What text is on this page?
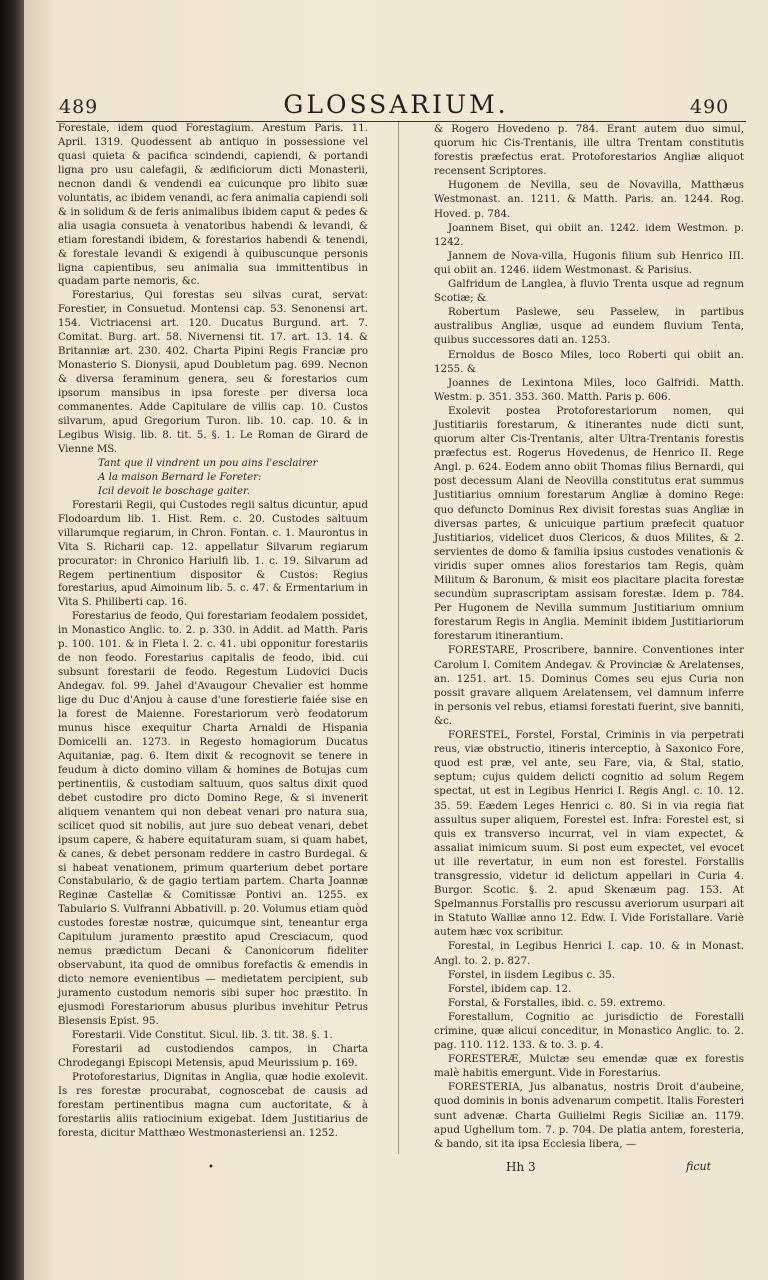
489	GLOSSARIUM.	490

Forestale, idem quod Forestagium. Arestum Paris. 11. April. 1319. Quodessent ab antiquo in possessione vel quasi quieta & pacifica scindendi, capiendi, & portandi ligna pro usu calefagii, & ædificiorum dicti Monasterii, necnon dandi & vendendi ea cuicunque pro libito suæ voluntatis, ac ibidem venandi, ac fera animalia capiendi soli & in solidum & de feris animalibus ibidem caput & pedes & alia usagia consueta à venatoribus habendi & levandi, & etiam forestandi ibidem, & forestarios habendi & tenendi, & forestale levandi & exigendi à quibuscunque personis ligna capientibus, seu animalia sua immittentibus in quadam parte nemoris, &c.

Forestarius, Qui forestas seu silvas curat, servat: Forestier, in Consuetud. Montensi cap. 53. Senonensi art. 154. Victriacensi art. 120. Ducatus Burgund. art. 7. Comitat. Burg. art. 58. Nivernensi tit. 17. art. 13. 14. & Britanniæ art. 230. 402. Charta Pipini Regis Franciæ pro Monasterio S. Dionysii, apud Doubletum pag. 699. Necnon & diversa feraminum genera, seu & forestarios cum ipsorum mansibus in ipsa foreste per diversa loca commanentes. Adde Capitulare de villis cap. 10. Custos silvarum, apud Gregorium Turon. lib. 10. cap. 10. & in Legibus Wisig. lib. 8. tit. 5. §. 1. Le Roman de Girard de Vienne MS.

Tant que il vindrent un pou ains l'esclairer

A la maison Bernard le Foreter:

Icil devoit le boschage gaiter.

Forestarii Regii, qui Custodes regii saltus dicuntur, apud Flodoardum lib. 1. Hist. Rem. c. 20. Custodes saltuum villarumque regiarum, in Chron. Fontan. c. 1. Maurontus in Vita S. Richarii cap. 12. appellatur Silvarum regiarum procurator: in Chronico Hariulfi lib. 1. c. 19. Silvarum ad Regem pertinentium dispositor & Custos: Regius forestarius, apud Aimoinum lib. 5. c. 47. & Ermentarium in Vita S. Philiberti cap. 16.

Forestarius de feodo, Qui forestariam feodalem possidet, in Monastico Anglic. to. 2. p. 330. in Addit. ad Matth. Paris p. 100. 101. & in Fleta l. 2. c. 41. ubi opponitur forestariis de non feodo. Forestarius capitalis de feodo, ibid. cui subsunt forestarii de feodo. Regestum Ludovici Ducis Andegav. fol. 99. Jahel d'Avaugour Chevalier est homme lige du Duc d'Anjou à cause d'une forestierie faiée sise en la forest de Maienne. Forestariorum verò feodatorum munus hisce exequitur Charta Arnaldi de Hispania Domicelli an. 1273. in Regesto homagiorum Ducatus Aquitaniæ, pag. 6. Item dixit & recognovit se tenere in feudum à dicto domino villam & homines de Botujas cum pertinentiis, & custodiam saltuum, quos saltus dixit quod debet custodire pro dicto Domino Rege, & si invenerit aliquem venantem qui non debeat venari pro natura sua, scilicet quod sit nobilis, aut jure suo debeat venari, debet ipsum capere, & habere equitaturam suam, si quam habet, & canes, & debet personam reddere in castro Burdegal. & si habeat venationem, primum quarterium debet portare Constabulario, & de gagio tertiam partem. Charta Joannæ Reginæ Castellæ & Comitissæ Pontivi an. 1255. ex Tabulario S. Vulfranni Abbativill. p. 20. Volumus etiam quòd custodes forestæ nostræ, quicumque sint, teneantur erga Capitulum juramento præstito apud Cresciacum, quod nemus prædictum Decani & Canonicorum fideliter observabunt, ita quod de omnibus forefactis & emendis in dicto nemore evenientibus — medietatem percipient, sub juramento custodum nemoris sibi super hoc præstito. In ejusmodi Forestariorum abusus pluribus invehitur Petrus Blesensis Epist. 95.

Forestarii. Vide Constitut. Sicul. lib. 3. tit. 38. §. 1.

Forestarii ad custodiendos campos, in Charta Chrodegangi Episcopi Metensis, apud Meurissium p. 169.

Protoforestarius, Dignitas in Anglia, quæ hodie exolevit. Is res forestæ procurabat, cognoscebat de causis ad forestam pertinentibus magna cum auctoritate, & à forestariis aliis ratiocinium exigebat. Idem Justitiarius de foresta, dicitur Matthæo Westmonasteriensi an. 1252.

& Rogero Hovedeno p. 784. Erant autem duo simul, quorum hic Cis-Trentanis, ille ultra Trentam constitutis forestis præfectus erat. Protoforestarios Angliæ aliquot recensent Scriptores.

Hugonem de Nevilla, seu de Novavilla, Matthæus Westmonast. an. 1211. & Matth. Paris. an. 1244. Rog. Hoved. p. 784.

Joannem Biset, qui obiit an. 1242. idem Westmon. p. 1242.

Jannem de Nova-villa, Hugonis filium sub Henrico III. qui obiit an. 1246. iidem Westmonast. & Parisius.

Galfridum de Langlea, à fluvio Trenta usque ad regnum Scotiæ; &

Robertum Paslewe, seu Passelew, in partibus australibus Angliæ, usque ad eundem fluvium Tenta, quibus successores dati an. 1253.

Ernoldus de Bosco Miles, loco Roberti qui obiit an. 1255. &

Joannes de Lexintona Miles, loco Galfridi. Matth. Westm. p. 351. 353. 360. Matth. Paris p. 606.

Exolevit postea Protoforestariorum nomen, qui Justitiariis forestarum, & itinerantes nude dicti sunt, quorum alter Cis-Trentanis, alter Ultra-Trentanis forestis præfectus est. Rogerus Hovedenus, de Henrico II. Rege Angl. p. 624. Eodem anno obiit Thomas filius Bernardi, qui post decessum Alani de Neovilla constitutus erat summus Justitiarius omnium forestarum Angliæ à domino Rege: quo defuncto Dominus Rex divisit forestas suas Angliæ in diversas partes, & unicuique partium præfecit quatuor Justitiarios, videlicet duos Clericos, & duos Milites, & 2. servientes de domo & familia ipsius custodes venationis & viridis super omnes alios forestarios tam Regis, quàm Militum & Baronum, & misit eos placitare placita forestæ secundùm suprascriptam assisam forestæ. Idem p. 784. Per Hugonem de Nevilla summum Justitiarium omnium forestarum Regis in Anglia. Meminit ibidem Justitiariorum forestarum itinerantium.

FORESTARE, Proscribere, bannire. Conventiones inter Carolum I. Comitem Andegav. & Provinciæ & Arelatenses, an. 1251. art. 15. Dominus Comes seu ejus Curia non possit gravare aliquem Arelatensem, vel damnum inferre in personis vel rebus, etiamsi forestati fuerint, sive banniti, &c.

FORESTEL, Forstel, Forstal, Criminis in via perpetrati reus, viæ obstructio, itineris interceptio, à Saxonico Fore, quod est præ, vel ante, seu Fare, via, & Stal, statio, septum; cujus quidem delicti cognitio ad solum Regem spectat, ut est in Legibus Henrici I. Regis Angl. c. 10. 12. 35. 59. Eædem Leges Henrici c. 80. Si in via regia fiat assultus super aliquem, Forestel est. Infra: Forestel est, si quis ex transverso incurrat, vel in viam expectet, & assaliat inimicum suum. Si post eum expectet, vel evocet ut ille revertatur, in eum non est forestel. Forstallis transgressio, videtur id delictum appellari in Curia 4. Burgor. Scotic. §. 2. apud Skenæum pag. 153. At Spelmannus Forstallis pro rescussu averiorum usurpari ait in Statuto Walliæ anno 12. Edw. I. Vide Foristallare. Variè autem hæc vox scribitur.

Forestal, in Legibus Henrici I. cap. 10. & in Monast. Angl. to. 2. p. 827.

Forstel, in iisdem Legibus c. 35.

Forstel, ibidem cap. 12.

Forstal, & Forstalles, ibid. c. 59. extremo.

Forestallum, Cognitio ac jurisdictio de Forestalli crimine, quæ alicui conceditur, in Monastico Anglic. to. 2. pag. 110. 112. 133. & to. 3. p. 4.

FORESTERÆ, Mulctæ seu emendæ quæ ex forestis malè habitis emergunt. Vide in Forestarius.

FORESTERIA, Jus albanatus, nostris Droit d'aubeine, quod dominis in bonis advenarum competit. Italis Foresteri sunt advenæ. Charta Guilielmi Regis Siciliæ an. 1179. apud Ughellum tom. 7. p. 704. De platia antem, foresteria, & bando, sit ita ipsa Ecclesia libera, —

•	Hh 3	ficut
